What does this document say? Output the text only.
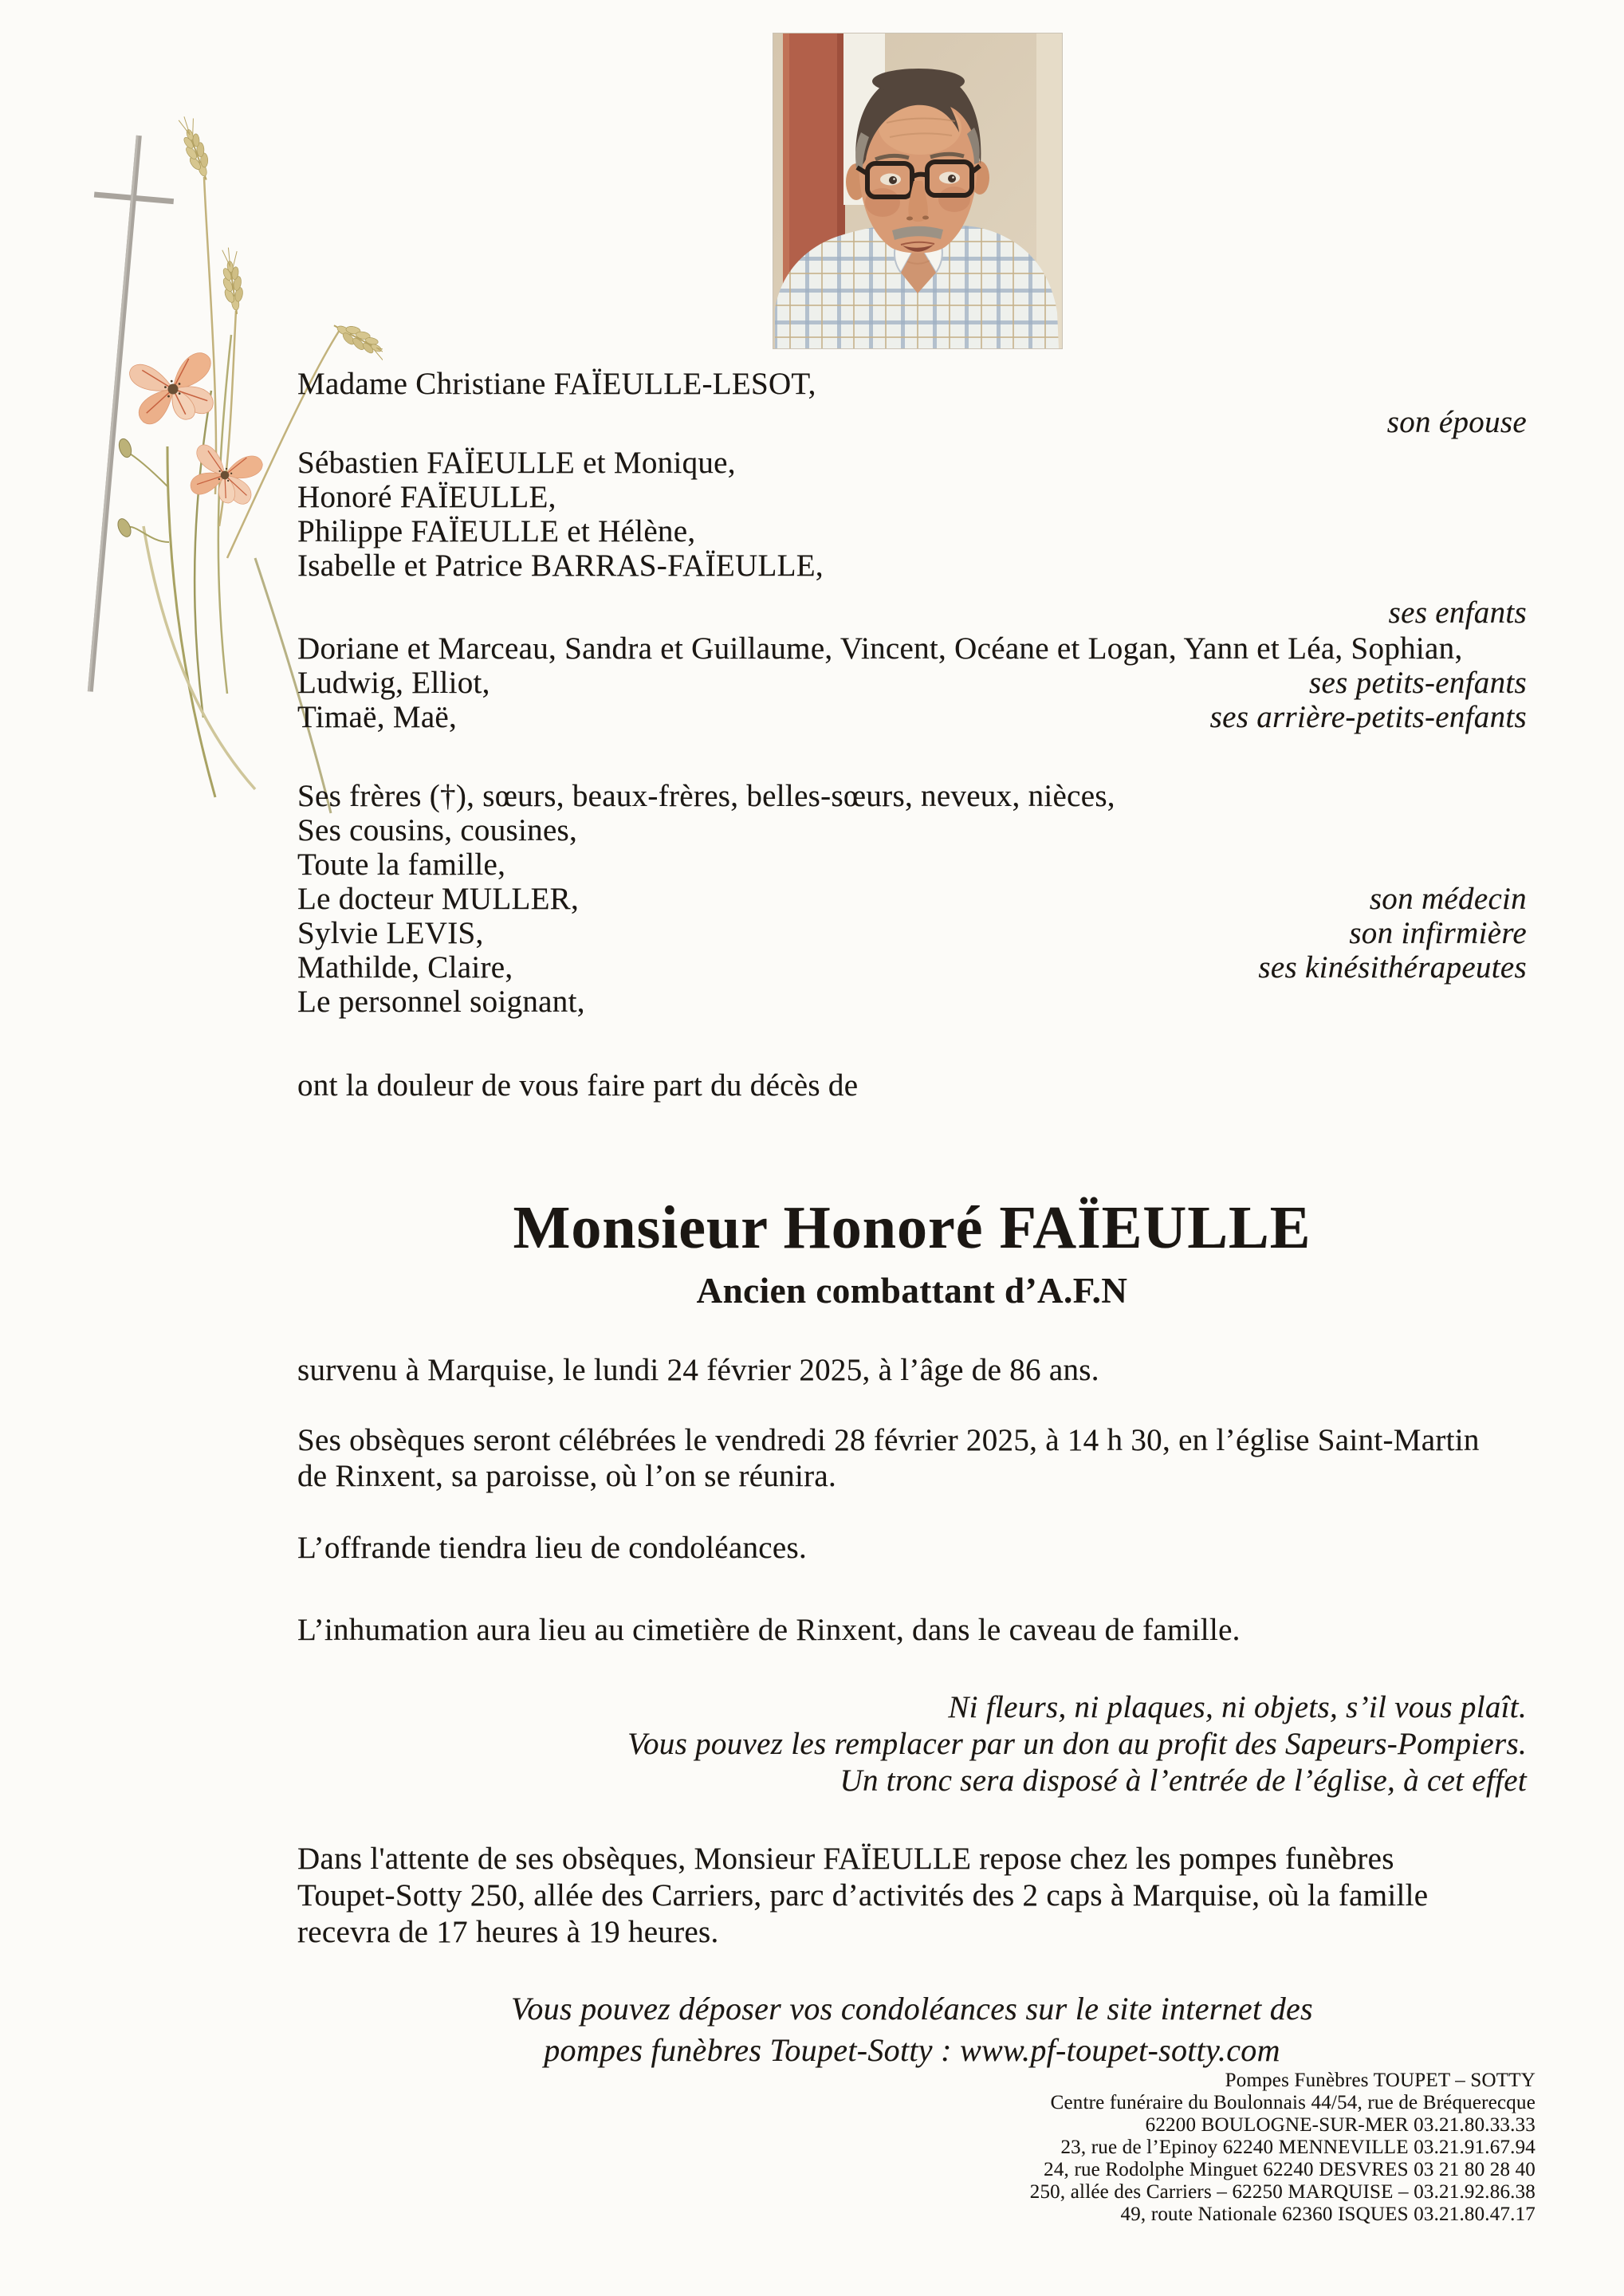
Madame Christiane FAÏEULLE-LESOT,
son épouse
Sébastien FAÏEULLE et Monique,
Honoré FAÏEULLE,
Philippe FAÏEULLE et Hélène,
Isabelle et Patrice BARRAS-FAÏEULLE,
ses enfants
Doriane et Marceau, Sandra et Guillaume, Vincent, Océane et Logan, Yann et Léa, Sophian,
Ludwig, Elliot,	ses petits-enfants
Timaë, Maë,	ses arrière-petits-enfants
Ses frères (†), sœurs, beaux-frères, belles-sœurs, neveux, nièces,
Ses cousins, cousines,
Toute la famille,
Le docteur MULLER,	son médecin
Sylvie LEVIS,	son infirmière
Mathilde, Claire,	ses kinésithérapeutes
Le personnel soignant,
ont la douleur de vous faire part du décès de
Monsieur Honoré FAÏEULLE
Ancien combattant d’A.F.N
survenu à Marquise, le lundi 24 février 2025, à l’âge de 86 ans.
Ses obsèques seront célébrées le vendredi 28 février 2025, à 14 h 30, en l’église Saint-Martin
de Rinxent, sa paroisse, où l’on se réunira.
L’offrande tiendra lieu de condoléances.
L’inhumation aura lieu au cimetière de Rinxent, dans le caveau de famille.
Ni fleurs, ni plaques, ni objets, s’il vous plaît.
Vous pouvez les remplacer par un don au profit des Sapeurs-Pompiers.
Un tronc sera disposé à l’entrée de l’église, à cet effet
Dans l'attente de ses obsèques, Monsieur FAÏEULLE repose chez les pompes funèbres
Toupet-Sotty 250, allée des Carriers, parc d’activités des 2 caps à Marquise, où la famille
recevra de 17 heures à 19 heures.
Vous pouvez déposer vos condoléances sur le site internet des
pompes funèbres Toupet-Sotty : www.pf-toupet-sotty.com
Pompes Funèbres TOUPET – SOTTY
Centre funéraire du Boulonnais 44/54, rue de Bréquerecque
62200 BOULOGNE-SUR-MER 03.21.80.33.33
23, rue de l’Epinoy 62240 MENNEVILLE 03.21.91.67.94
24, rue Rodolphe Minguet 62240 DESVRES 03 21 80 28 40
250, allée des Carriers – 62250 MARQUISE – 03.21.92.86.38
49, route Nationale 62360 ISQUES 03.21.80.47.17
